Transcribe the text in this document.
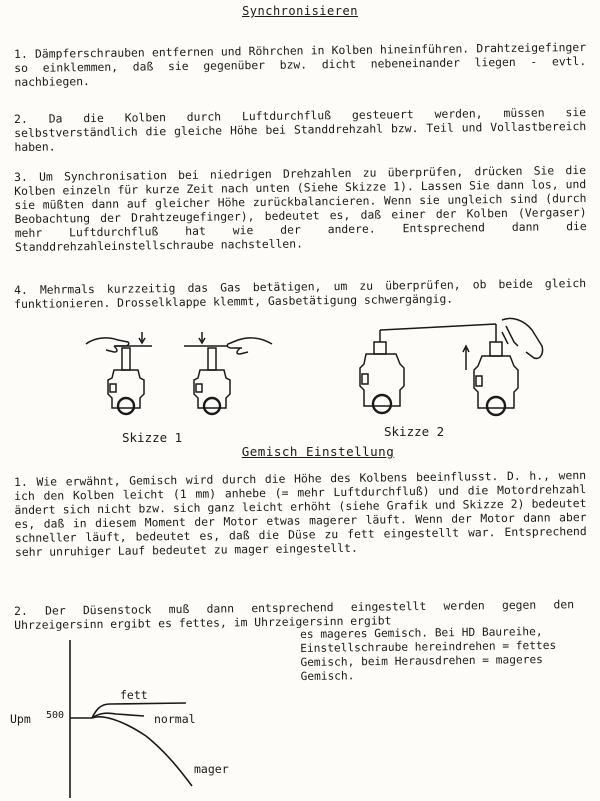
Synchronisieren

1. Dämpferschrauben entfernen und Röhrchen in Kolben hineinführen. Drahtzeigefinger so einklemmen, daß sie gegenüber bzw. dicht nebeneinander liegen - evtl. nachbiegen.

2. Da die Kolben durch Luftdurchfluß gesteuert werden, müssen sie selbstverständlich die gleiche Höhe bei Standdrehzahl bzw. Teil und Vollastbereich haben.

3. Um Synchronisation bei niedrigen Drehzahlen zu überprüfen, drücken Sie die Kolben einzeln für kurze Zeit nach unten (Siehe Skizze 1). Lassen Sie dann los, und sie müßten dann auf gleicher Höhe zurückbalancieren. Wenn sie ungleich sind (durch Beobachtung der Drahtzeugefinger), bedeutet es, daß einer der Kolben (Vergaser) mehr Luftdurchfluß hat wie der andere. Entsprechend dann die Standdrehzahleinstellschraube nachstellen.

4. Mehrmals kurzzeitig das Gas betätigen, um zu überprüfen, ob beide gleich funktionieren. Drosselklappe klemmt, Gasbetätigung schwergängig.

Skizze 1	Skizze 2
Gemisch Einstellung

1. Wie erwähnt, Gemisch wird durch die Höhe des Kolbens beeinflusst. D. h., wenn ich den Kolben leicht (1 mm) anhebe (= mehr Luftdurchfluß) und die Motordrehzahl ändert sich nicht bzw. sich ganz leicht erhöht (siehe Grafik und Skizze 2) bedeutet es, daß in diesem Moment der Motor etwas magerer läuft. Wenn der Motor dann aber schneller läuft, bedeutet es, daß die Düse zu fett eingestellt war. Entsprechend sehr unruhiger Lauf bedeutet zu mager eingestellt.

2. Der Düsenstock muß dann entsprechend eingestellt werden gegen den Uhrzeigersinn ergibt es fettes, im Uhrzeigersinn ergibt

es mageres Gemisch. Bei HD Baureihe, Einstellschraube hereindrehen = fettes Gemisch, beim Herausdrehen = mageres Gemisch.

Upm 500
fett
normal
mager
